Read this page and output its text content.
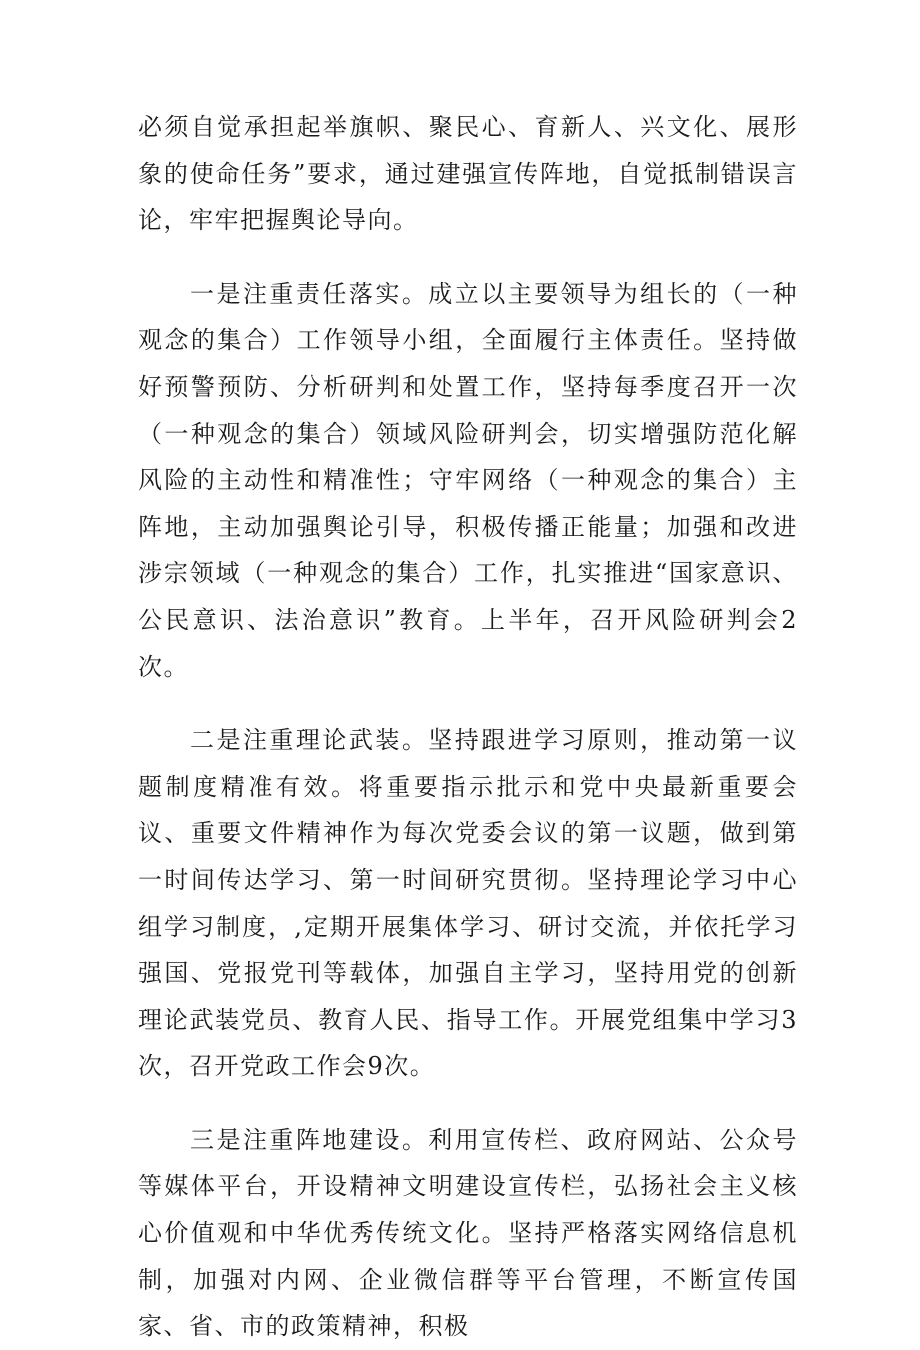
必须自觉承担起举旗帜、聚民心、育新人、兴文化、展形象的使命任务”要求，通过建强宣传阵地，自觉抵制错误言论，牢牢把握舆论导向。

一是注重责任落实。成立以主要领导为组长的（一种观念的集合）工作领导小组，全面履行主体责任。坚持做好预警预防、分析研判和处置工作，坚持每季度召开一次（一种观念的集合）领域风险研判会，切实增强防范化解风险的主动性和精准性；守牢网络（一种观念的集合）主阵地，主动加强舆论引导，积极传播正能量；加强和改进涉宗领域（一种观念的集合）工作，扎实推进“国家意识、公民意识、法治意识”教育。上半年，召开风险研判会2次。

二是注重理论武装。坚持跟进学习原则，推动第一议题制度精准有效。将重要指示批示和党中央最新重要会议、重要文件精神作为每次党委会议的第一议题，做到第一时间传达学习、第一时间研究贯彻。坚持理论学习中心组学习制度，,定期开展集体学习、研讨交流，并依托学习强国、党报党刊等载体，加强自主学习，坚持用党的创新理论武装党员、教育人民、指导工作。开展党组集中学习3次，召开党政工作会9次。

三是注重阵地建设。利用宣传栏、政府网站、公众号等媒体平台，开设精神文明建设宣传栏，弘扬社会主义核心价值观和中华优秀传统文化。坚持严格落实网络信息机制，加强对内网、企业微信群等平台管理，不断宣传国家、省、市的政策精神，积极
